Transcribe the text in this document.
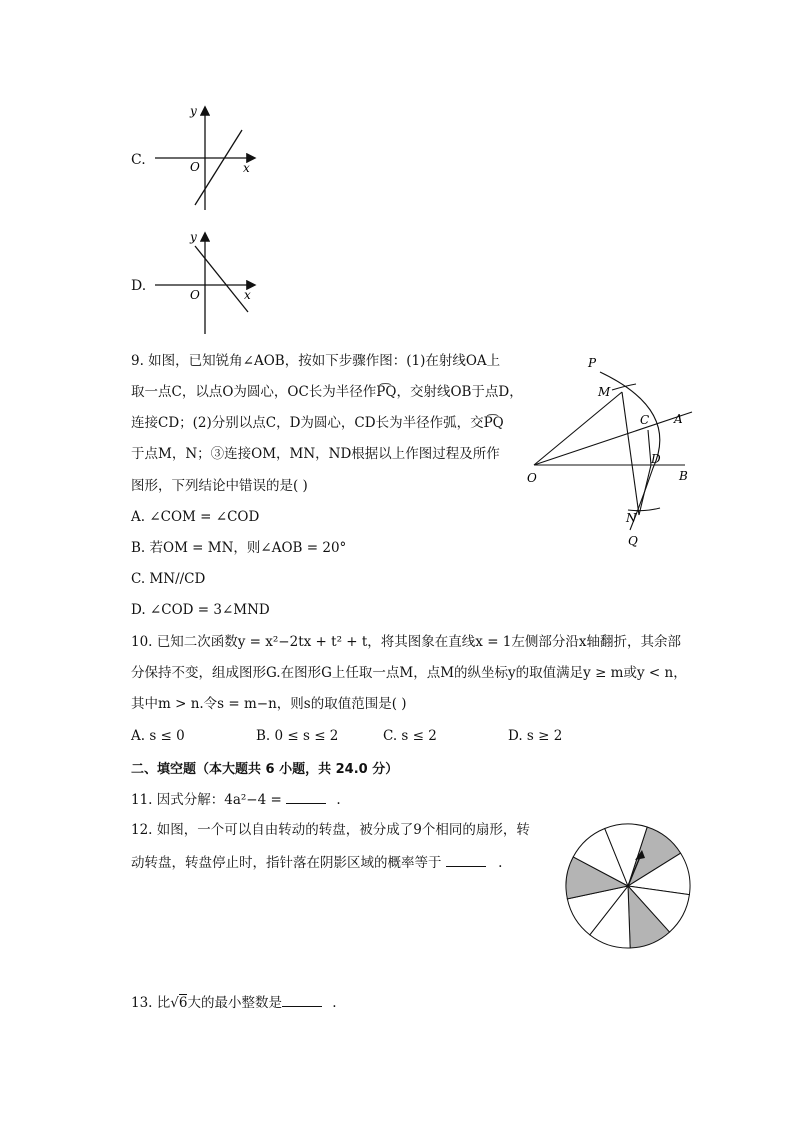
C.
y
x
O
D.
y
x
O
9. 如图，已知锐角∠AOB，按如下步骤作图：(1)在射线OA上
取一点C，以点O为圆心，OC长为半径作P͡Q，交射线OB于点D，
连接CD；(2)分别以点C，D为圆心，CD长为半径作弧，交P͡Q
于点M，N；③连接OM，MN，ND根据以上作图过程及所作
图形，下列结论中错误的是( )
A. ∠COM = ∠COD
B. 若OM = MN，则∠AOB = 20°
C. MN//CD
D. ∠COD = 3∠MND
P
M
C A
D
O	B
N
Q
10. 已知二次函数y = x²−2tx + t² + t，将其图象在直线x = 1左侧部分沿x轴翻折，其余部
分保持不变，组成图形G.在图形G上任取一点M，点M的纵坐标y的取值满足y ≥ m或y < n，
其中m > n.令s = m−n，则s的取值范围是( )
A. s ≤ 0	B. 0 ≤ s ≤ 2	C. s ≤ 2	D. s ≥ 2
二、填空题（本大题共 6 小题，共 24.0 分）
11. 因式分解：4a²−4 =	.
12. 如图，一个可以自由转动的转盘，被分成了9个相同的扇形，转
动转盘，转盘停止时，指针落在阴影区域的概率等于	.
13. 比√6大的最小整数是	.
